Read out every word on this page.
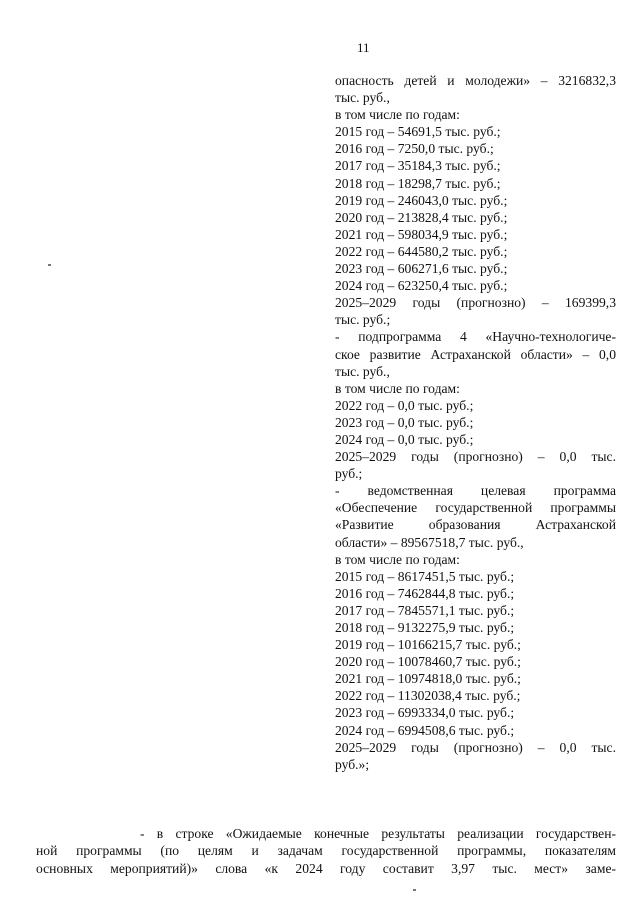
11
опасность детей и молодежи» – 3216832,3
тыс. руб.,
в том числе по годам:
2015 год – 54691,5 тыс. руб.;
2016 год – 7250,0 тыс. руб.;
2017 год – 35184,3 тыс. руб.;
2018 год – 18298,7 тыс. руб.;
2019 год – 246043,0 тыс. руб.;
2020 год – 213828,4 тыс. руб.;
2021 год – 598034,9 тыс. руб.;
2022 год – 644580,2 тыс. руб.;
2023 год – 606271,6 тыс. руб.;
2024 год – 623250,4 тыс. руб.;
2025–2029 годы (прогнозно) – 169399,3
тыс. руб.;
- подпрограмма 4 «Научно-технологиче-
ское развитие Астраханской области» – 0,0
тыс. руб.,
в том числе по годам:
2022 год – 0,0 тыс. руб.;
2023 год – 0,0 тыс. руб.;
2024 год – 0,0 тыс. руб.;
2025–2029 годы (прогнозно) – 0,0 тыс.
руб.;
- ведомственная целевая программа
«Обеспечение государственной программы
«Развитие образования Астраханской
области» – 89567518,7 тыс. руб.,
в том числе по годам:
2015 год – 8617451,5 тыс. руб.;
2016 год – 7462844,8 тыс. руб.;
2017 год – 7845571,1 тыс. руб.;
2018 год – 9132275,9 тыс. руб.;
2019 год – 10166215,7 тыс. руб.;
2020 год – 10078460,7 тыс. руб.;
2021 год – 10974818,0 тыс. руб.;
2022 год – 11302038,4 тыс. руб.;
2023 год – 6993334,0 тыс. руб.;
2024 год – 6994508,6 тыс. руб.;
2025–2029 годы (прогнозно) – 0,0 тыс.
руб.»;
- в строке «Ожидаемые конечные результаты реализации государствен-
ной программы (по целям и задачам государственной программы, показателям
основных мероприятий)» слова «к 2024 году составит 3,97 тыс. мест» заме-
